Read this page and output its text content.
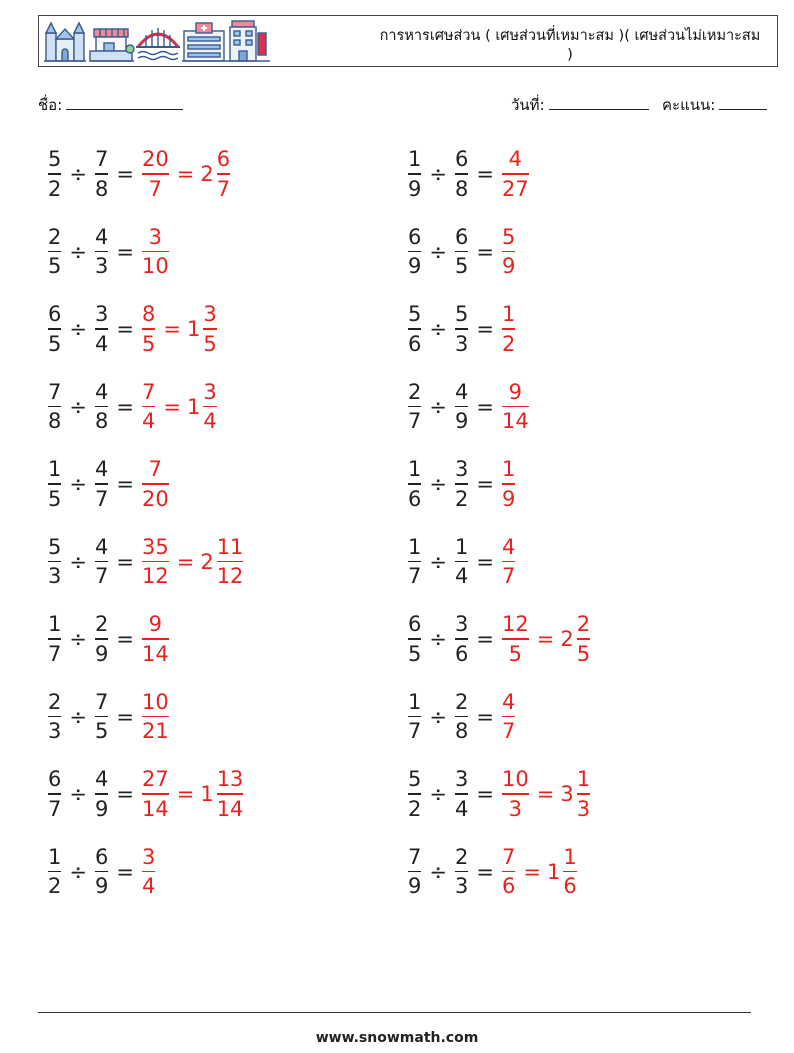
การหารเศษส่วน ( เศษส่วนที่เหมาะสม )( เศษส่วนไม่เหมาะสม )
ชื่อ:	วันที่:	คะแนน:
$\frac{5}{2} \div \frac{7}{8} = \frac{20}{7} = 2 \frac{6}{7}$	$\frac{1}{9} \div \frac{6}{8} = \frac{4}{27}$
$\frac{2}{5} \div \frac{4}{3} = \frac{3}{10}$	$\frac{6}{9} \div \frac{6}{5} = \frac{5}{9}$
$\frac{6}{5} \div \frac{3}{4} = \frac{8}{5} = 1 \frac{3}{5}$	$\frac{5}{6} \div \frac{5}{3} = \frac{1}{2}$
$\frac{7}{8} \div \frac{4}{8} = \frac{7}{4} = 1 \frac{3}{4}$	$\frac{2}{7} \div \frac{4}{9} = \frac{9}{14}$
$\frac{1}{5} \div \frac{4}{7} = \frac{7}{20}$	$\frac{1}{6} \div \frac{3}{2} = \frac{1}{9}$
$\frac{5}{3} \div \frac{4}{7} = \frac{35}{12} = 2 \frac{11}{12}$	$\frac{1}{7} \div \frac{1}{4} = \frac{4}{7}$
$\frac{1}{7} \div \frac{2}{9} = \frac{9}{14}$	$\frac{6}{5} \div \frac{3}{6} = \frac{12}{5} = 2 \frac{2}{5}$
$\frac{2}{3} \div \frac{7}{5} = \frac{10}{21}$	$\frac{1}{7} \div \frac{2}{8} = \frac{4}{7}$
$\frac{6}{7} \div \frac{4}{9} = \frac{27}{14} = 1 \frac{13}{14}$	$\frac{5}{2} \div \frac{3}{4} = \frac{10}{3} = 3 \frac{1}{3}$
$\frac{1}{2} \div \frac{6}{9} = \frac{3}{4}$	$\frac{7}{9} \div \frac{2}{3} = \frac{7}{6} = 1 \frac{1}{6}$
www.snowmath.com
